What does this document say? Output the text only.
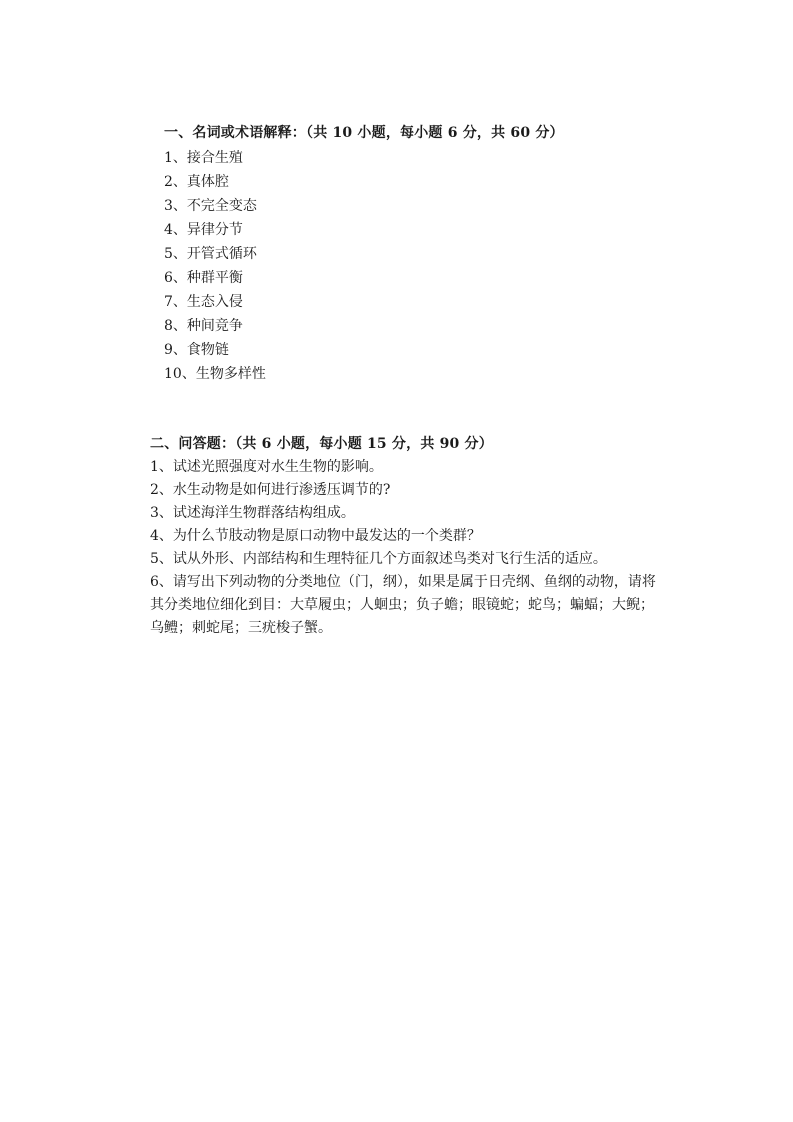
一、名词或术语解释：（共 10 小题，每小题 6 分，共 60 分）
1、接合生殖
2、真体腔
3、不完全变态
4、异律分节
5、开管式循环
6、种群平衡
7、生态入侵
8、种间竞争
9、食物链
10、生物多样性
二、问答题：（共 6 小题，每小题 15 分，共 90 分）
1、试述光照强度对水生生物的影响。
2、水生动物是如何进行渗透压调节的?
3、试述海洋生物群落结构组成。
4、为什么节肢动物是原口动物中最发达的一个类群？
5、试从外形、内部结构和生理特征几个方面叙述鸟类对飞行生活的适应。
6、请写出下列动物的分类地位（门，纲），如果是属于日壳纲、鱼纲的动物，请将其分类地位细化到目：大草履虫；人蛔虫；负子蟾；眼镜蛇；蛇鸟；蝙蝠；大鲵；乌鳢；刺蛇尾；三疣梭子蟹。
